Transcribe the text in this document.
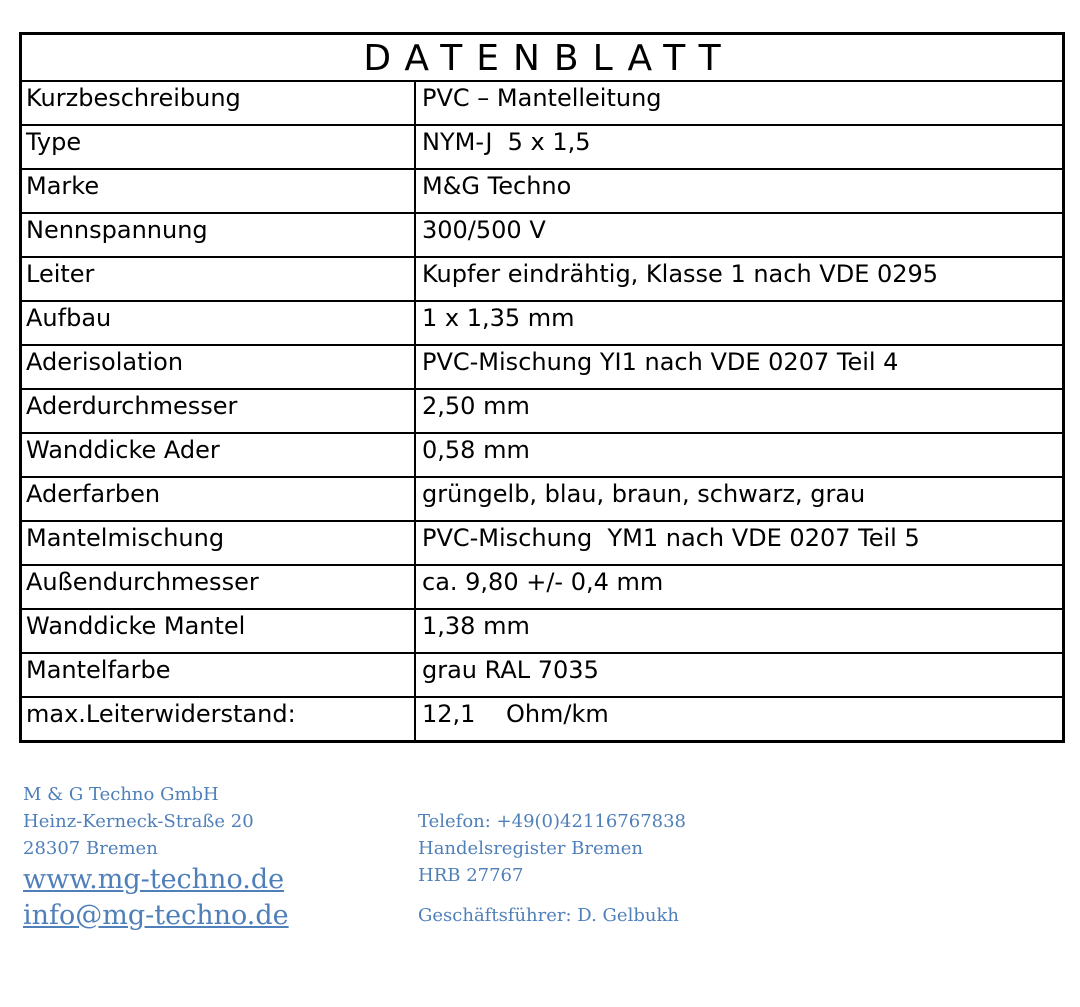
DATENBLATT
Kurzbeschreibung	PVC – Mantelleitung
Type	NYM-J  5 x 1,5
Marke	M&G Techno
Nennspannung	300/500 V
Leiter	Kupfer eindrähtig, Klasse 1 nach VDE 0295
Aufbau	1 x 1,35 mm
Aderisolation	PVC-Mischung YI1 nach VDE 0207 Teil 4
Aderdurchmesser	2,50 mm
Wanddicke Ader	0,58 mm
Aderfarben	grüngelb, blau, braun, schwarz, grau
Mantelmischung	PVC-Mischung  YM1 nach VDE 0207 Teil 5
Außendurchmesser	ca. 9,80 +/- 0,4 mm
Wanddicke Mantel	1,38 mm
Mantelfarbe	grau RAL 7035
max.Leiterwiderstand:	12,1    Ohm/km
M & G Techno GmbH
Heinz-Kerneck-Straße 20
28307 Bremen
www.mg-techno.de
info@mg-techno.de
Telefon: +49(0)42116767838
Handelsregister Bremen
HRB 27767
Geschäftsführer: D. Gelbukh
